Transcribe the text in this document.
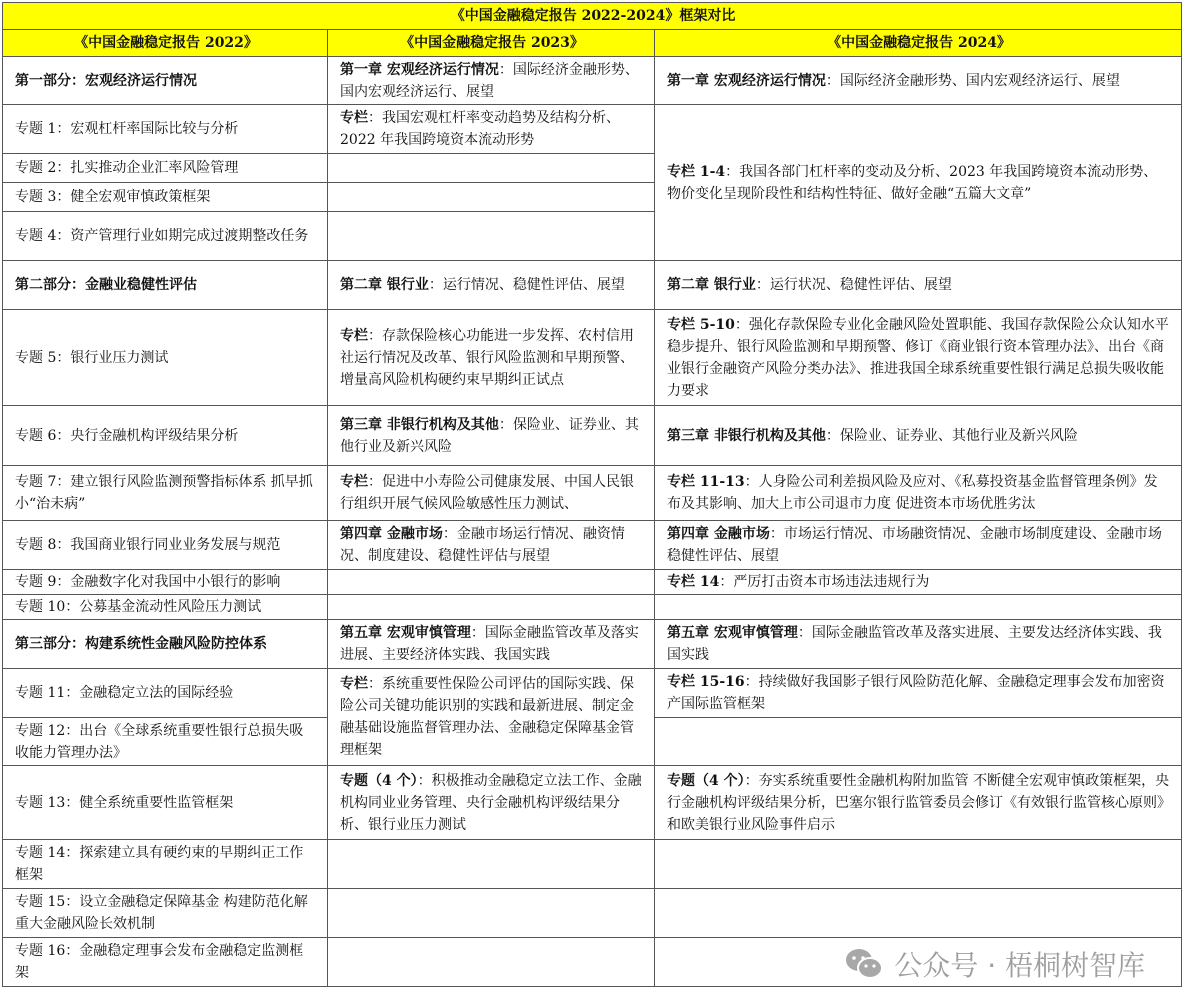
《中国金融稳定报告 2022-2024》框架对比		
《中国金融稳定报告 2022》	《中国金融稳定报告 2023》	《中国金融稳定报告 2024》
第一部分：宏观经济运行情况	第一章 宏观经济运行情况：国际经济金融形势、国内宏观经济运行、展望	第一章 宏观经济运行情况：国际经济金融形势、国内宏观经济运行、展望
专题 1：宏观杠杆率国际比较与分析	专栏：我国宏观杠杆率变动趋势及结构分析、2022 年我国跨境资本流动形势	专栏 1-4：我国各部门杠杆率的变动及分析、2023 年我国跨境资本流动形势、物价变化呈现阶段性和结构性特征、做好金融“五篇大文章”
专题 2：扎实推动企业汇率风险管理		
专题 3：健全宏观审慎政策框架		
专题 4：资产管理行业如期完成过渡期整改任务		
第二部分：金融业稳健性评估	第二章 银行业：运行情况、稳健性评估、展望	第二章 银行业：运行状况、稳健性评估、展望
专题 5：银行业压力测试	专栏：存款保险核心功能进一步发挥、农村信用社运行情况及改革、银行风险监测和早期预警、增量高风险机构硬约束早期纠正试点	专栏 5-10：强化存款保险专业化金融风险处置职能、我国存款保险公众认知水平稳步提升、银行风险监测和早期预警、修订《商业银行资本管理办法》、出台《商业银行金融资产风险分类办法》、推进我国全球系统重要性银行满足总损失吸收能力要求
专题 6：央行金融机构评级结果分析	第三章 非银行机构及其他：保险业、证券业、其他行业及新兴风险	第三章 非银行机构及其他：保险业、证券业、其他行业及新兴风险
专题 7：建立银行风险监测预警指标体系 抓早抓小“治未病”	专栏：促进中小寿险公司健康发展、中国人民银行组织开展气候风险敏感性压力测试、	专栏 11-13：人身险公司利差损风险及应对、《私募投资基金监督管理条例》发布及其影响、加大上市公司退市力度 促进资本市场优胜劣汰
专题 8：我国商业银行同业业务发展与规范	第四章 金融市场：金融市场运行情况、融资情况、制度建设、稳健性评估与展望	第四章 金融市场：市场运行情况、市场融资情况、金融市场制度建设、金融市场稳健性评估、展望
专题 9：金融数字化对我国中小银行的影响		专栏 14：严厉打击资本市场违法违规行为
专题 10：公募基金流动性风险压力测试		
第三部分：构建系统性金融风险防控体系	第五章 宏观审慎管理：国际金融监管改革及落实进展、主要经济体实践、我国实践	第五章 宏观审慎管理：国际金融监管改革及落实进展、主要发达经济体实践、我国实践
专题 11：金融稳定立法的国际经验	专栏：系统重要性保险公司评估的国际实践、保险公司关键功能识别的实践和最新进展、制定金融基础设施监督管理办法、金融稳定保障基金管理框架	专栏 15-16：持续做好我国影子银行风险防范化解、金融稳定理事会发布加密资产国际监管框架
专题 12：出台《全球系统重要性银行总损失吸收能力管理办法》		
专题 13：健全系统重要性监管框架	专题（4 个）：积极推动金融稳定立法工作、金融机构同业业务管理、央行金融机构评级结果分析、银行业压力测试	专题（4 个）：夯实系统重要性金融机构附加监管 不断健全宏观审慎政策框架，央行金融机构评级结果分析，巴塞尔银行监管委员会修订《有效银行监管核心原则》和欧美银行业风险事件启示
专题 14：探索建立具有硬约束的早期纠正工作框架		
专题 15：设立金融稳定保障基金 构建防范化解重大金融风险长效机制		
专题 16：金融稳定理事会发布金融稳定监测框架			公众号 · 梧桐树智库
